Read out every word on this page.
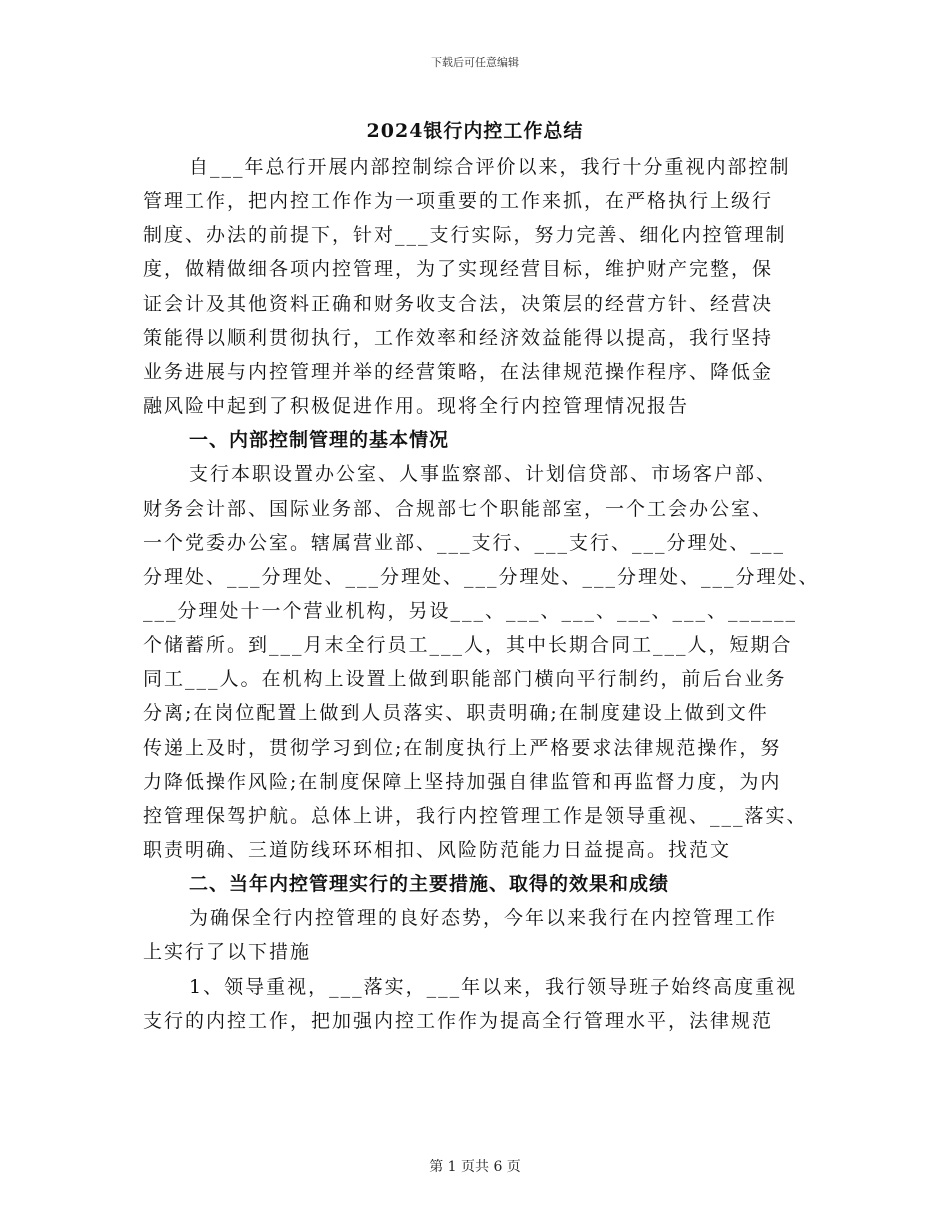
下载后可任意编辑
2024银行内控工作总结
自___年总行开展内部控制综合评价以来，我行十分重视内部控制
管理工作，把内控工作作为一项重要的工作来抓，在严格执行上级行
制度、办法的前提下，针对___支行实际，努力完善、细化内控管理制
度，做精做细各项内控管理，为了实现经营目标，维护财产完整，保
证会计及其他资料正确和财务收支合法，决策层的经营方针、经营决
策能得以顺利贯彻执行，工作效率和经济效益能得以提高，我行坚持
业务进展与内控管理并举的经营策略，在法律规范操作程序、降低金
融风险中起到了积极促进作用。现将全行内控管理情况报告
一、内部控制管理的基本情况
支行本职设置办公室、人事监察部、计划信贷部、市场客户部、
财务会计部、国际业务部、合规部七个职能部室，一个工会办公室、
一个党委办公室。辖属营业部、___支行、___支行、___分理处、___
分理处、___分理处、___分理处、___分理处、___分理处、___分理处、
___分理处十一个营业机构，另设___、___、___、___、___、______
个储蓄所。到___月末全行员工___人，其中长期合同工___人，短期合
同工___人。在机构上设置上做到职能部门横向平行制约，前后台业务
分离;在岗位配置上做到人员落实、职责明确;在制度建设上做到文件
传递上及时，贯彻学习到位;在制度执行上严格要求法律规范操作，努
力降低操作风险;在制度保障上坚持加强自律监管和再监督力度，为内
控管理保驾护航。总体上讲，我行内控管理工作是领导重视、___落实、
职责明确、三道防线环环相扣、风险防范能力日益提高。找范文
二、当年内控管理实行的主要措施、取得的效果和成绩
为确保全行内控管理的良好态势，今年以来我行在内控管理工作
上实行了以下措施
1、领导重视，___落实，___年以来，我行领导班子始终高度重视
支行的内控工作，把加强内控工作作为提高全行管理水平，法律规范
第 1 页共 6 页
